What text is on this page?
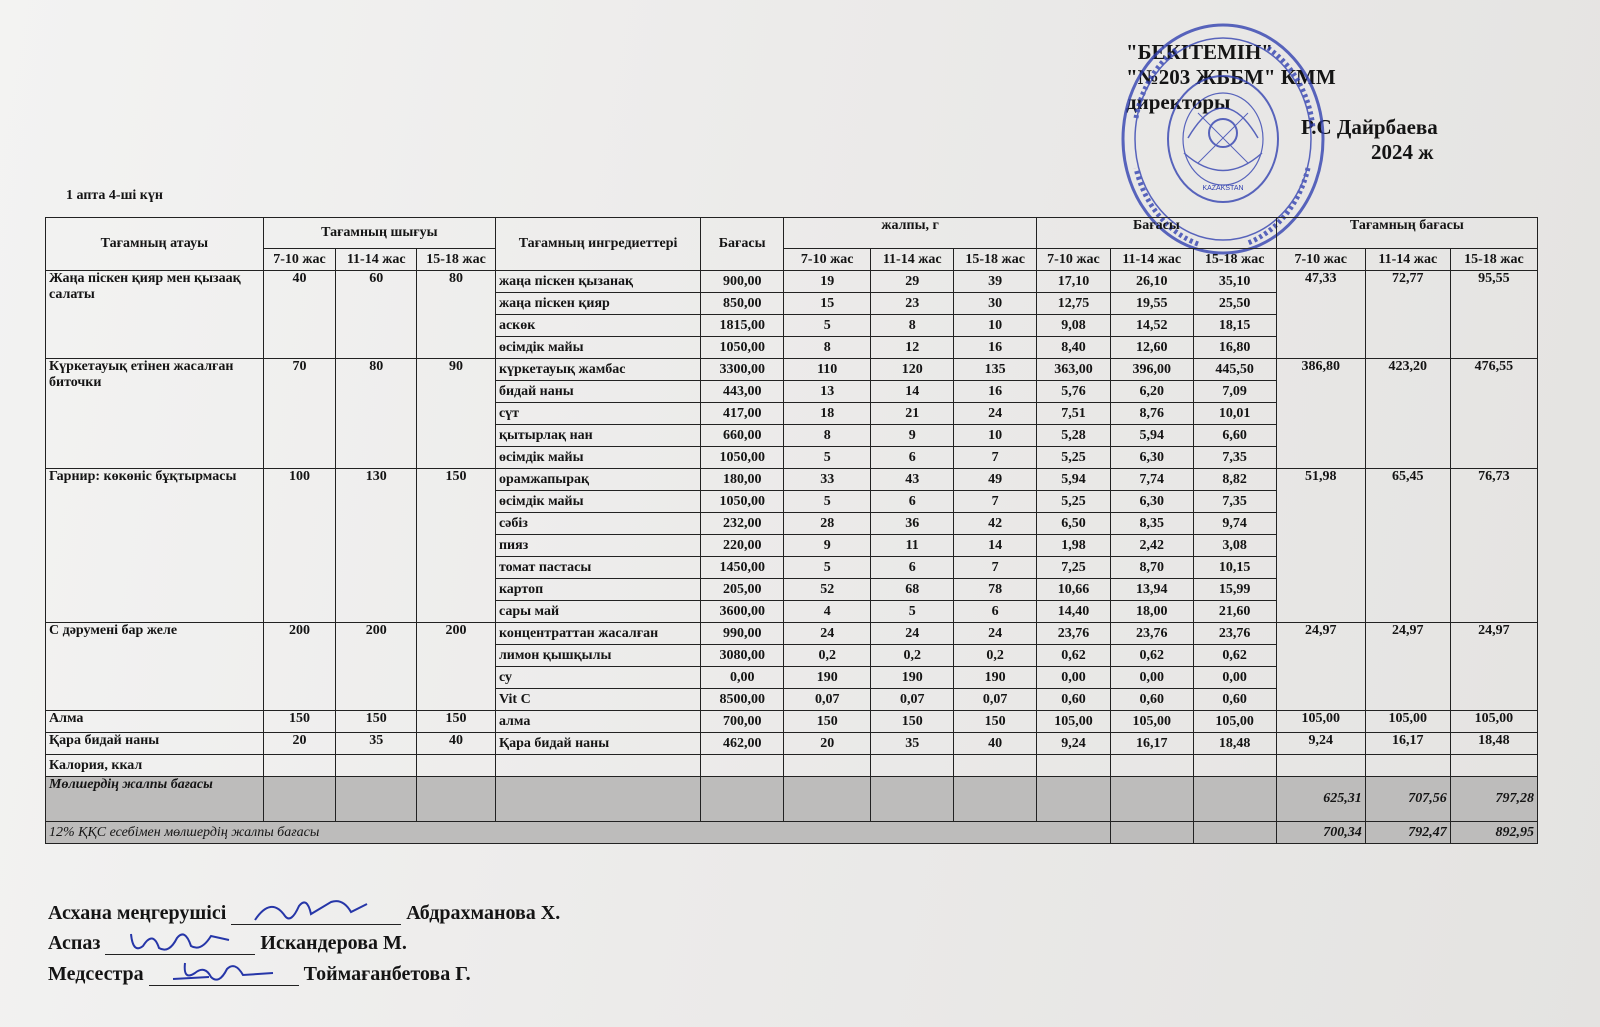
"БЕКІТЕМІН"
"№203 ЖББМ" КММ
директоры
Р.С Дайрбаева
2024 ж
KAZAKSTAN
1 апта 4-ші күн
Тағамның атауы	Тағамның шығуы			Тағамның ингредиеттері	Бағасы	жалпы, г			Бағасы			Тағамның бағасы		
	7-10 жас	11-14 жас	15-18 жас											
						7-10 жас	11-14 жас	15-18 жас	7-10 жас	11-14 жас	15-18 жас	7-10 жас	11-14 жас	15-18 жас
Жаңа піскен қияр мен қызаақ салаты	40	60	80	жаңа піскен қызанақ	900,00	19	29	39	17,10	26,10	35,10	47,33	72,77	95,55
				жаңа піскен қияр	850,00	15	23	30	12,75	19,55	25,50			
				аскөк	1815,00	5	8	10	9,08	14,52	18,15			
				өсімдік майы	1050,00	8	12	16	8,40	12,60	16,80			
Күркетауық етінен жасалған биточки	70	80	90	күркетауық жамбас	3300,00	110	120	135	363,00	396,00	445,50	386,80	423,20	476,55
				бидай наны	443,00	13	14	16	5,76	6,20	7,09			
				сүт	417,00	18	21	24	7,51	8,76	10,01			
				қытырлақ нан	660,00	8	9	10	5,28	5,94	6,60			
				өсімдік майы	1050,00	5	6	7	5,25	6,30	7,35			
Гарнир: көкөніс бұқтырмасы	100	130	150	орамжапырақ	180,00	33	43	49	5,94	7,74	8,82	51,98	65,45	76,73
				өсімдік майы	1050,00	5	6	7	5,25	6,30	7,35			
				сәбіз	232,00	28	36	42	6,50	8,35	9,74			
				пияз	220,00	9	11	14	1,98	2,42	3,08			
				томат пастасы	1450,00	5	6	7	7,25	8,70	10,15			
				картоп	205,00	52	68	78	10,66	13,94	15,99			
				сары май	3600,00	4	5	6	14,40	18,00	21,60			
С дәрумені бар желе	200	200	200	концентраттан жасалған	990,00	24	24	24	23,76	23,76	23,76	24,97	24,97	24,97
				лимон қышқылы	3080,00	0,2	0,2	0,2	0,62	0,62	0,62			
				су	0,00	190	190	190	0,00	0,00	0,00			
				Vit C	8500,00	0,07	0,07	0,07	0,60	0,60	0,60			
Алма	150	150	150	алма	700,00	150	150	150	105,00	105,00	105,00	105,00	105,00	105,00
Қара бидай наны	20	35	40	Қара бидай наны	462,00	20	35	40	9,24	16,17	18,48	9,24	16,17	18,48
Калория, ккал														
Мөлшердің жалпы бағасы												625,31	707,56	797,28
12% ҚҚС есебімен мөлшердің жалпы бағасы												700,34	792,47	892,95
Асхана меңгерушісі	Абдрахманова Х.
Аспаз	Искандерова М.
Медсестра	Тоймағанбетова Г.
